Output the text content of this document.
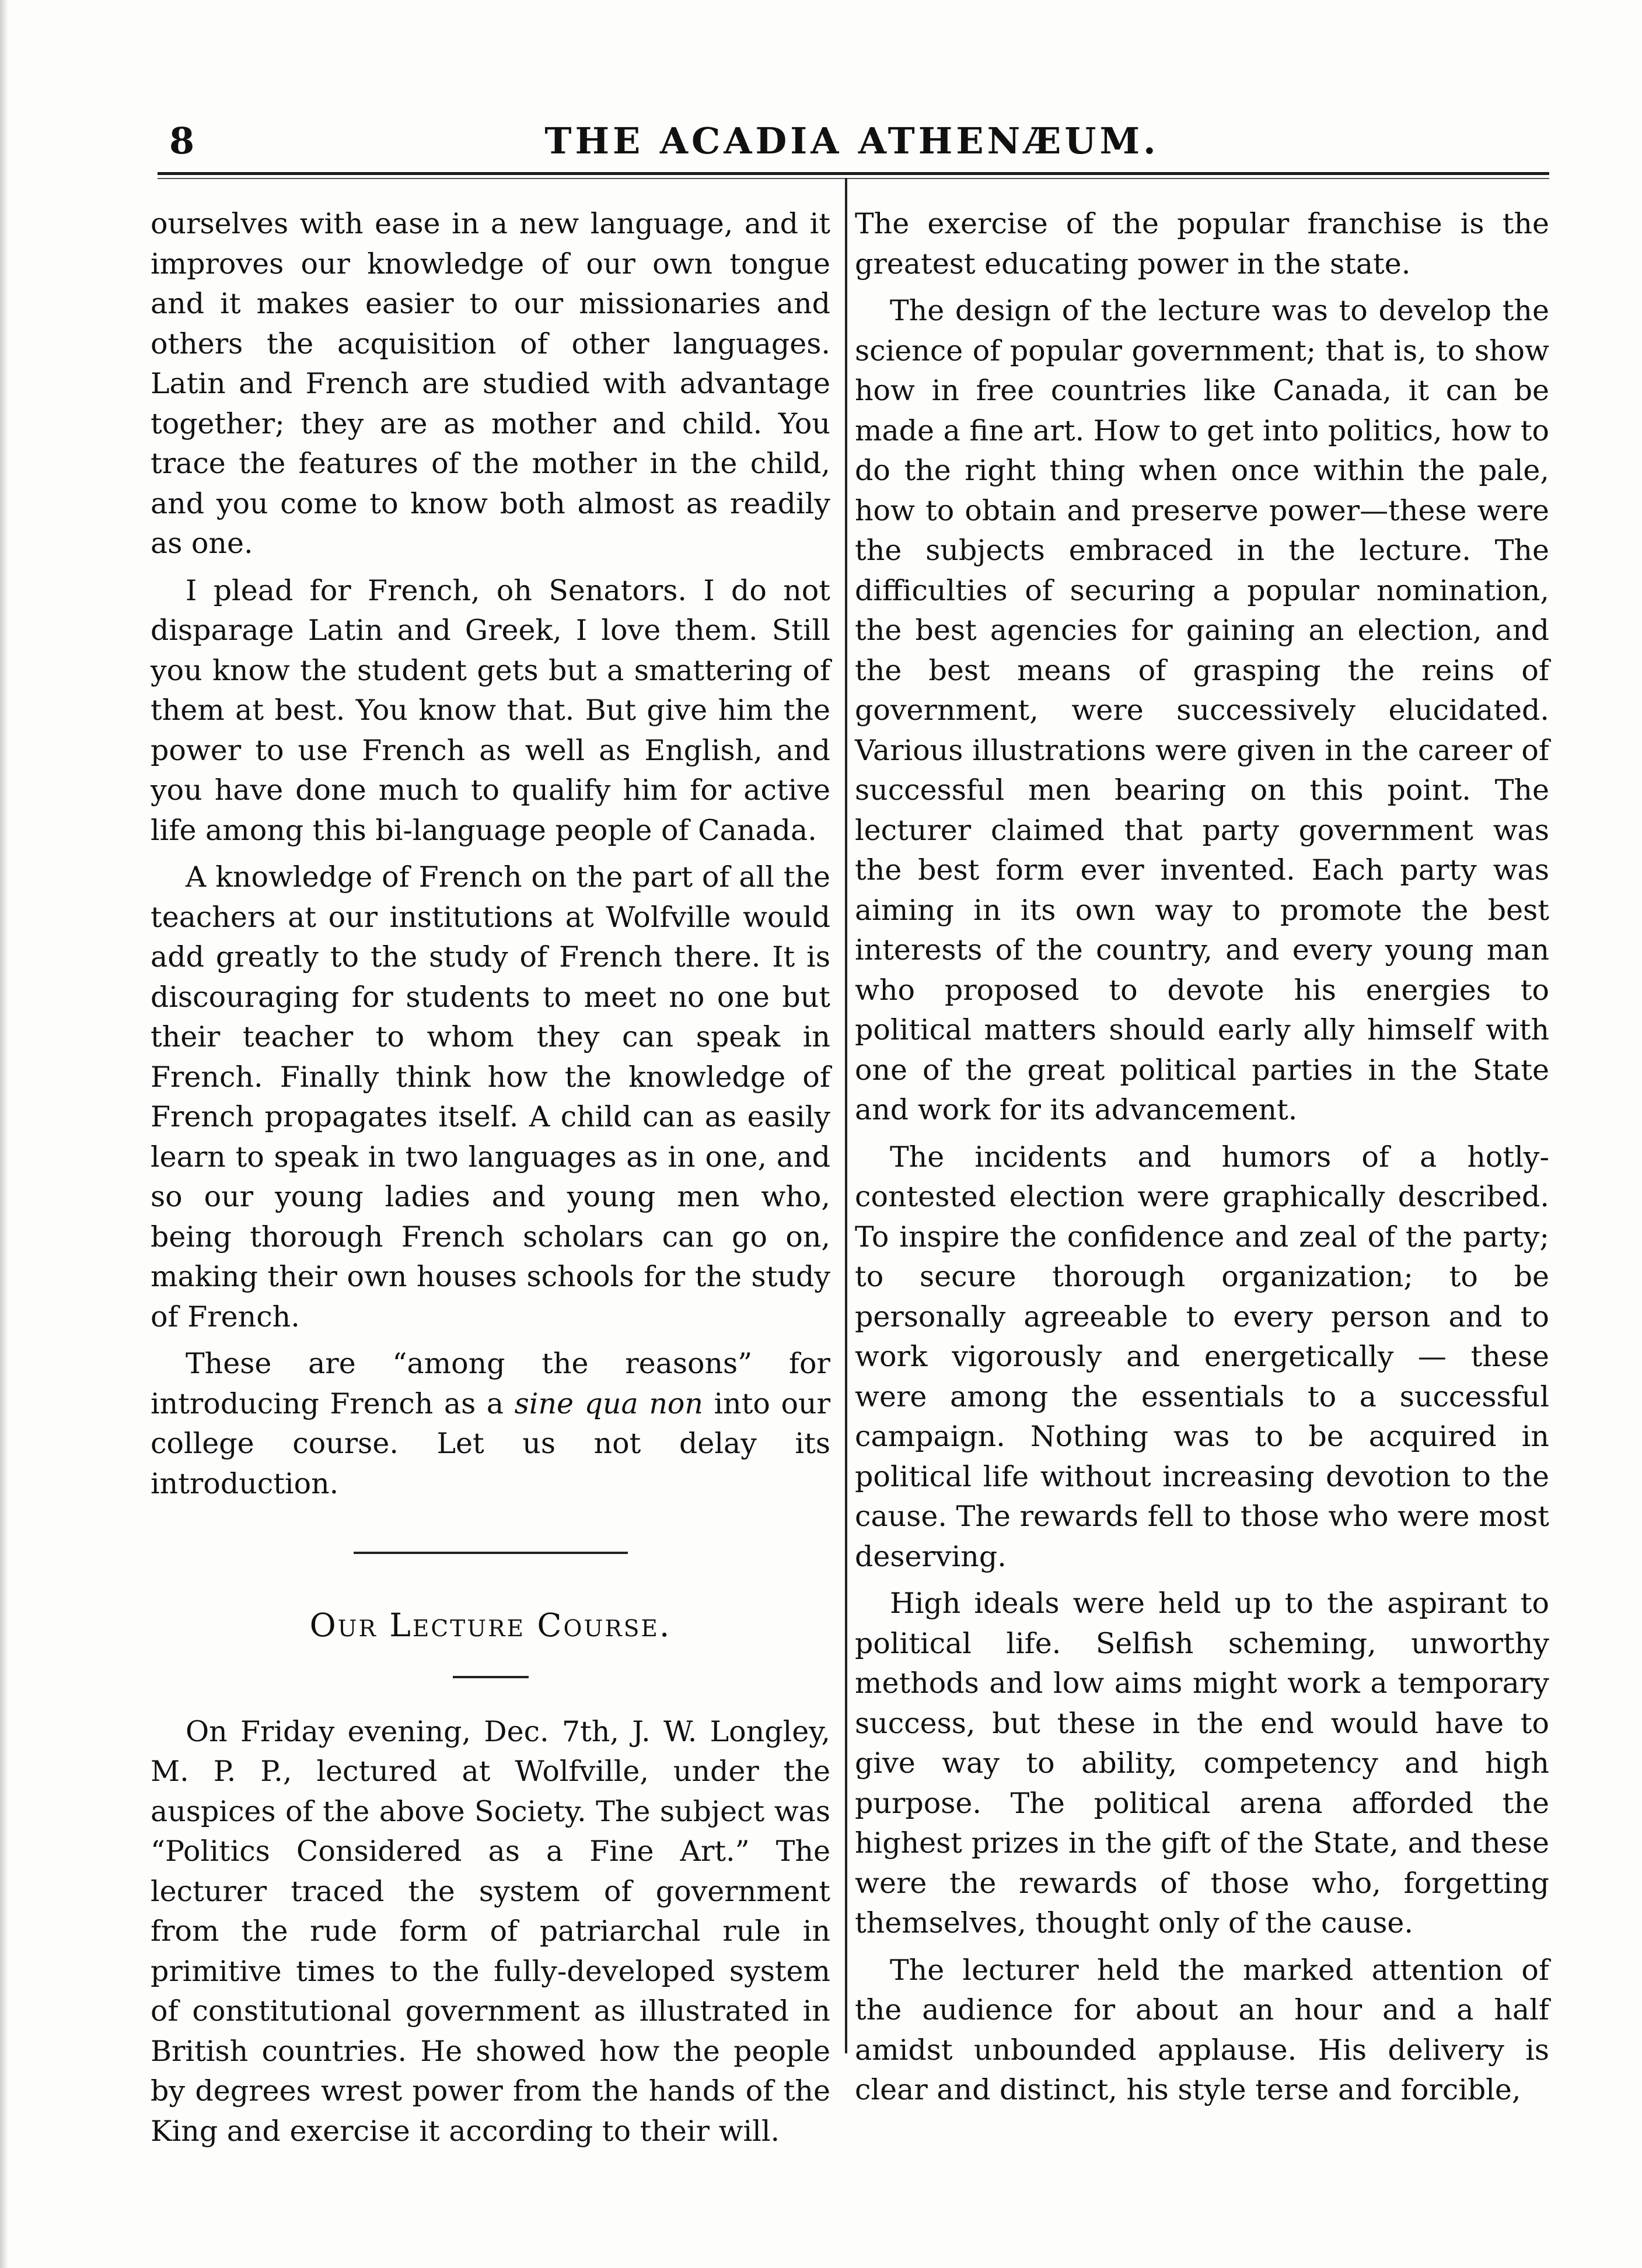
8	THE ACADIA ATHENÆUM.

ourselves with ease in a new language, and it improves our knowledge of our own tongue and it makes easier to our missionaries and others the acquisition of other languages. Latin and French are studied with advantage together; they are as mother and child. You trace the features of the mother in the child, and you come to know both almost as readily as one.

I plead for French, oh Senators. I do not disparage Latin and Greek, I love them. Still you know the student gets but a smattering of them at best. You know that. But give him the power to use French as well as English, and you have done much to qualify him for active life among this bi-language people of Canada.

A knowledge of French on the part of all the teachers at our institutions at Wolfville would add greatly to the study of French there. It is discouraging for students to meet no one but their teacher to whom they can speak in French. Finally think how the knowledge of French propagates itself. A child can as easily learn to speak in two languages as in one, and so our young ladies and young men who, being thorough French scholars can go on, making their own houses schools for the study of French.

These are “among the reasons” for introducing French as a sine qua non into our college course. Let us not delay its introduction.

Our Lecture Course.

On Friday evening, Dec. 7th, J. W. Longley, M. P. P., lectured at Wolfville, under the auspices of the above Society. The subject was “Politics Considered as a Fine Art.” The lecturer traced the system of government from the rude form of patriarchal rule in primitive times to the fully-developed system of constitutional government as illustrated in British countries. He showed how the people by degrees wrest power from the hands of the King and exercise it according to their will.

The exercise of the popular franchise is the greatest educating power in the state.

The design of the lecture was to develop the science of popular government; that is, to show how in free countries like Canada, it can be made a fine art. How to get into politics, how to do the right thing when once within the pale, how to obtain and preserve power—these were the subjects embraced in the lecture. The difficulties of securing a popular nomination, the best agencies for gaining an election, and the best means of grasping the reins of government, were successively elucidated. Various illustrations were given in the career of successful men bearing on this point. The lecturer claimed that party government was the best form ever invented. Each party was aiming in its own way to promote the best interests of the country, and every young man who proposed to devote his energies to political matters should early ally himself with one of the great political parties in the State and work for its advancement.

The incidents and humors of a hotly-contested election were graphically described. To inspire the confidence and zeal of the party; to secure thorough organization; to be personally agreeable to every person and to work vigorously and energetically — these were among the essentials to a successful campaign. Nothing was to be acquired in political life without increasing devotion to the cause. The rewards fell to those who were most deserving.

High ideals were held up to the aspirant to political life. Selfish scheming, unworthy methods and low aims might work a temporary success, but these in the end would have to give way to ability, competency and high purpose. The political arena afforded the highest prizes in the gift of the State, and these were the rewards of those who, forgetting themselves, thought only of the cause.

The lecturer held the marked attention of the audience for about an hour and a half amidst unbounded applause. His delivery is clear and distinct, his style terse and forcible,
